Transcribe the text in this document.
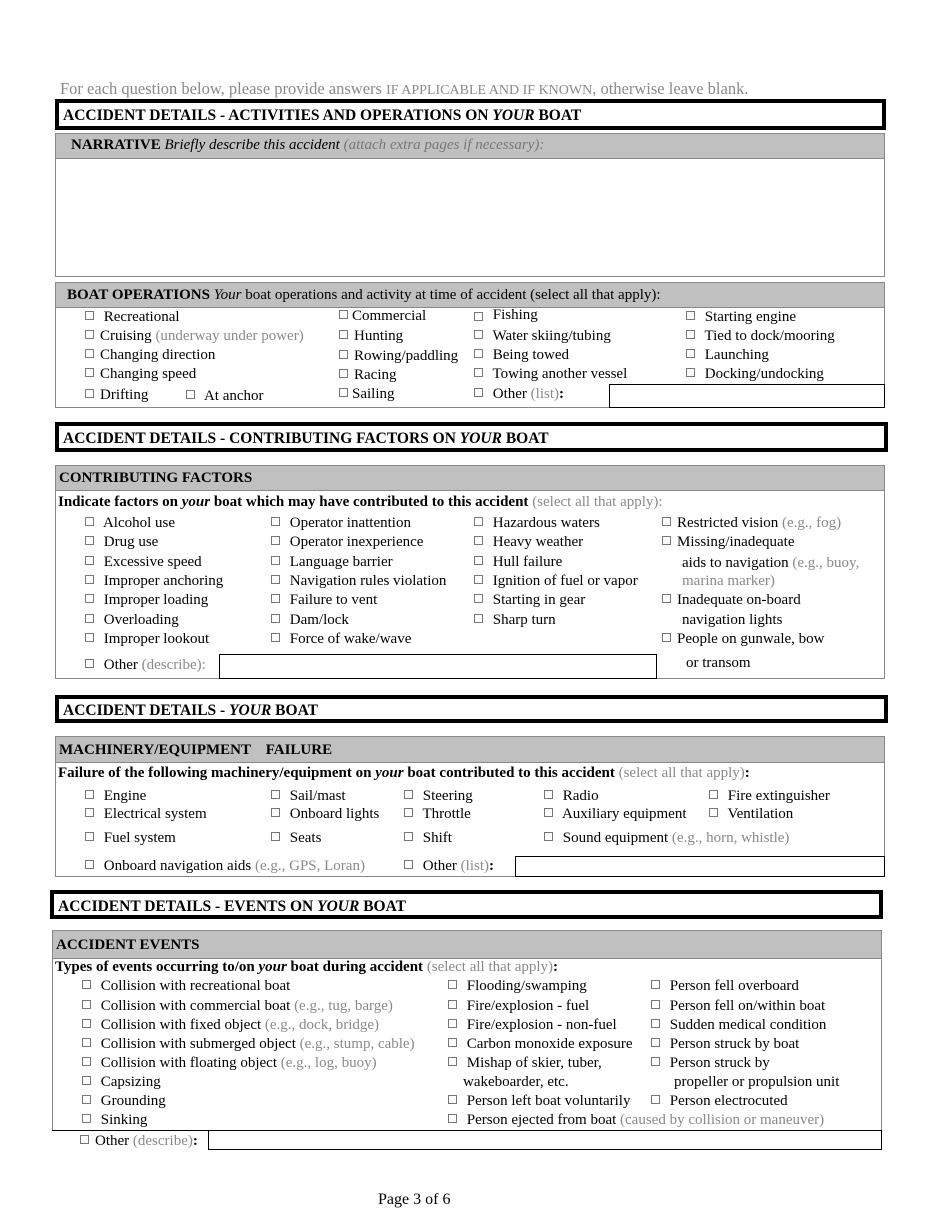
For each question below, please provide answers IF APPLICABLE AND IF KNOWN, otherwise leave blank.
ACCIDENT DETAILS - ACTIVITIES AND OPERATIONS ON YOUR BOAT
NARRATIVE Briefly describe this accident (attach extra pages if necessary):
BOAT OPERATIONS Your boat operations and activity at time of accident (select all that apply):
Recreational
Cruising (underway under power)
Changing direction
Changing speed
Drifting	At anchor
Commercial
Hunting
Rowing/paddling
Racing
Sailing
Fishing
Water skiing/tubing
Being towed
Towing another vessel
Other (list):
Starting engine
Tied to dock/mooring
Launching
Docking/undocking
ACCIDENT DETAILS - CONTRIBUTING FACTORS ON YOUR BOAT
CONTRIBUTING FACTORS
Indicate factors on your boat which may have contributed to this accident (select all that apply):
Alcohol use
Drug use
Excessive speed
Improper anchoring
Improper loading
Overloading
Improper lookout
Other (describe):
Operator inattention
Operator inexperience
Language barrier
Navigation rules violation
Failure to vent
Dam/lock
Force of wake/wave
Hazardous waters
Heavy weather
Hull failure
Ignition of fuel or vapor
Starting in gear
Sharp turn
Restricted vision (e.g., fog)
Missing/inadequate
aids to navigation (e.g., buoy,
marina marker)
Inadequate on-board
navigation lights
People on gunwale, bow
or transom
ACCIDENT DETAILS - YOUR BOAT
MACHINERY/EQUIPMENT    FAILURE
Failure of the following machinery/equipment on your boat contributed to this accident (select all that apply):
Engine
Electrical system
Fuel system
Onboard navigation aids (e.g., GPS, Loran)
Sail/mast
Onboard lights
Seats
Steering
Throttle
Shift
Other (list):
Radio
Auxiliary equipment
Sound equipment (e.g., horn, whistle)
Fire extinguisher
Ventilation
ACCIDENT DETAILS - EVENTS ON YOUR BOAT
ACCIDENT EVENTS
Types of events occurring to/on your boat during accident (select all that apply):
Collision with recreational boat
Collision with commercial boat (e.g., tug, barge)
Collision with fixed object (e.g., dock, bridge)
Collision with submerged object (e.g., stump, cable)
Collision with floating object (e.g., log, buoy)
Capsizing
Grounding
Sinking
Other (describe):
Flooding/swamping
Fire/explosion - fuel
Fire/explosion - non-fuel
Carbon monoxide exposure
Mishap of skier, tuber,
wakeboarder, etc.
Person left boat voluntarily
Person ejected from boat (caused by collision or maneuver)
Person fell overboard
Person fell on/within boat
Sudden medical condition
Person struck by boat
Person struck by
propeller or propulsion unit
Person electrocuted
Page 3 of 6
